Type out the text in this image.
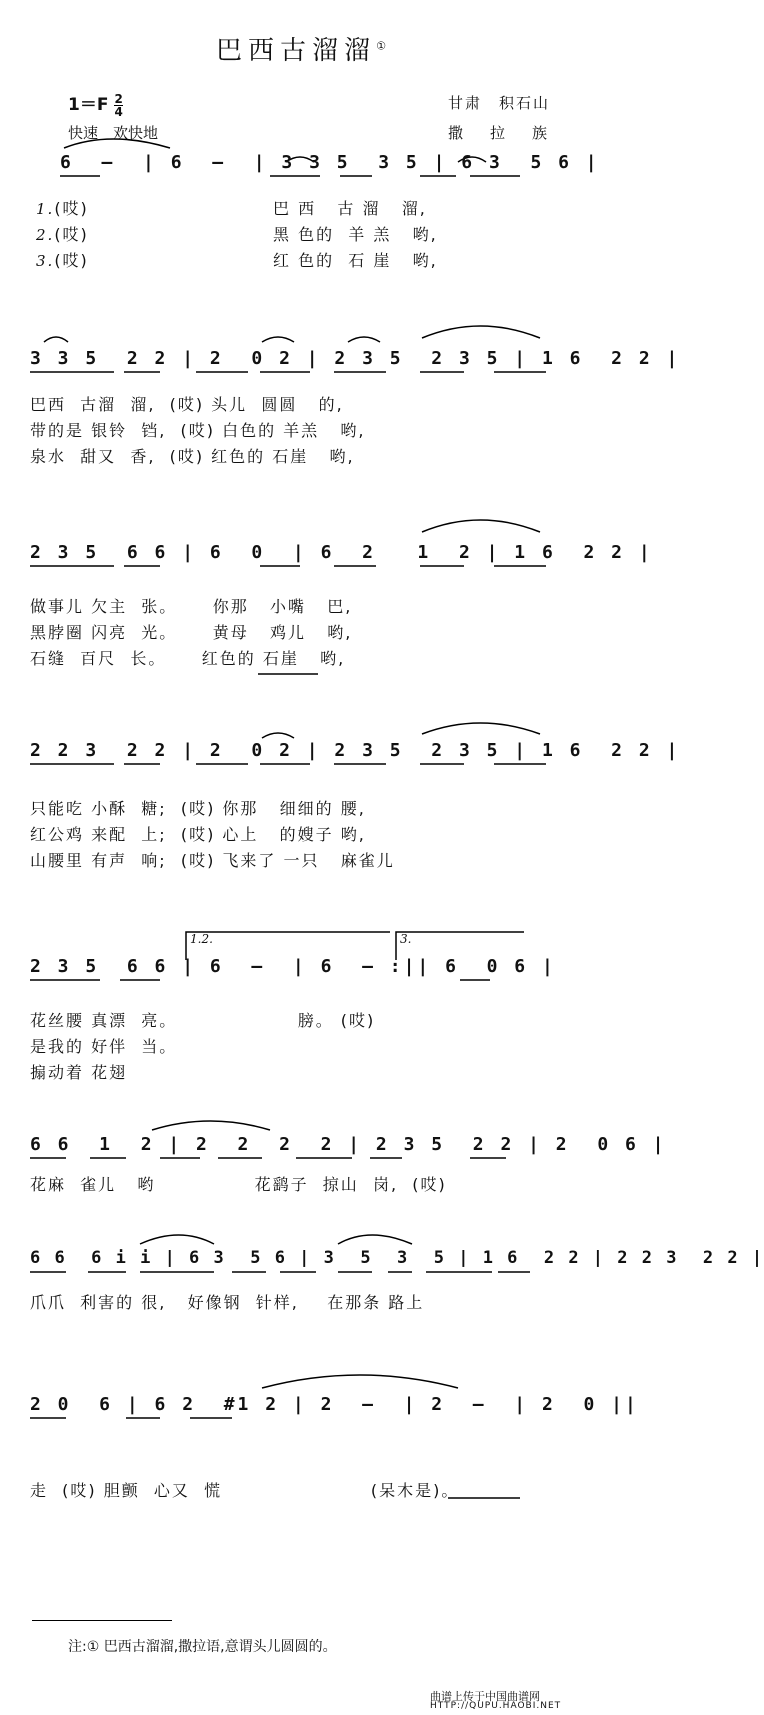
巴西古溜溜①
$1=F \frac{2}{4}$
快速　欢快地
甘肃　积石山
撒　拉　族
6  –  | 6  –  | 3 3 5  3 5 | 6 3  5 6 |
1.(哎)                          巴 西   古 溜   溜,
2.(哎)                          黑 色的  羊 羔   哟,
3.(哎)                          红 色的  石 崖   哟,
3 3 5  2 2 | 2  0 2 | 2 3 5  2 3 5 | 1 6  2 2 |
巴西  古溜  溜,  (哎) 头儿  圆圆   的,
带的是 银铃  铛,  (哎) 白色的 羊羔   哟,
泉水  甜又  香,  (哎) 红色的 石崖   哟,
2 3 5  6 6 | 6  0  | 6  2   1  2 | 1 6  2 2 |
做事儿 欠主  张。     你那   小嘴   巴,
黑脖圈 闪亮  光。     黄母   鸡儿   哟,
石缝  百尺  长。     红色的 石崖   哟,
2 2 3  2 2 | 2  0 2 | 2 3 5  2 3 5 | 1 6  2 2 |
只能吃 小酥  糖;  (哎) 你那   细细的 腰,
红公鸡 来配  上;  (哎) 心上   的嫂子 哟,
山腰里 有声  响;  (哎) 飞来了 一只   麻雀儿
1.2.	3.
2 3 5  6 6 | 6  –  | 6  – :|| 6  0 6 |
花丝腰 真漂  亮。                 膀。 (哎)
是我的 好伴  当。
搧动着 花翅
6 6  1  2 | 2  2  2  2 | 2 3 5  2 2 | 2  0 6 |
花麻  雀儿   哟              花鹞子  掠山  岗,  (哎)
6 6  6 i i | 6 3  5 6 | 3  5  3  5 | 1 6  2 2 | 2 2 3  2 2 |
爪爪  利害的 很,   好像钢  针样,    在那条 路上
2 0  6 | 6 2  #1 2 | 2  –  | 2  –  | 2  0 ||
走  (哎) 胆颤  心又  慌                     (呆木是)。
注:① 巴西古溜溜,撒拉语,意谓头儿圆圆的。
曲谱上传于中国曲谱网
HTTP://QUPU.HAOBI.NET
